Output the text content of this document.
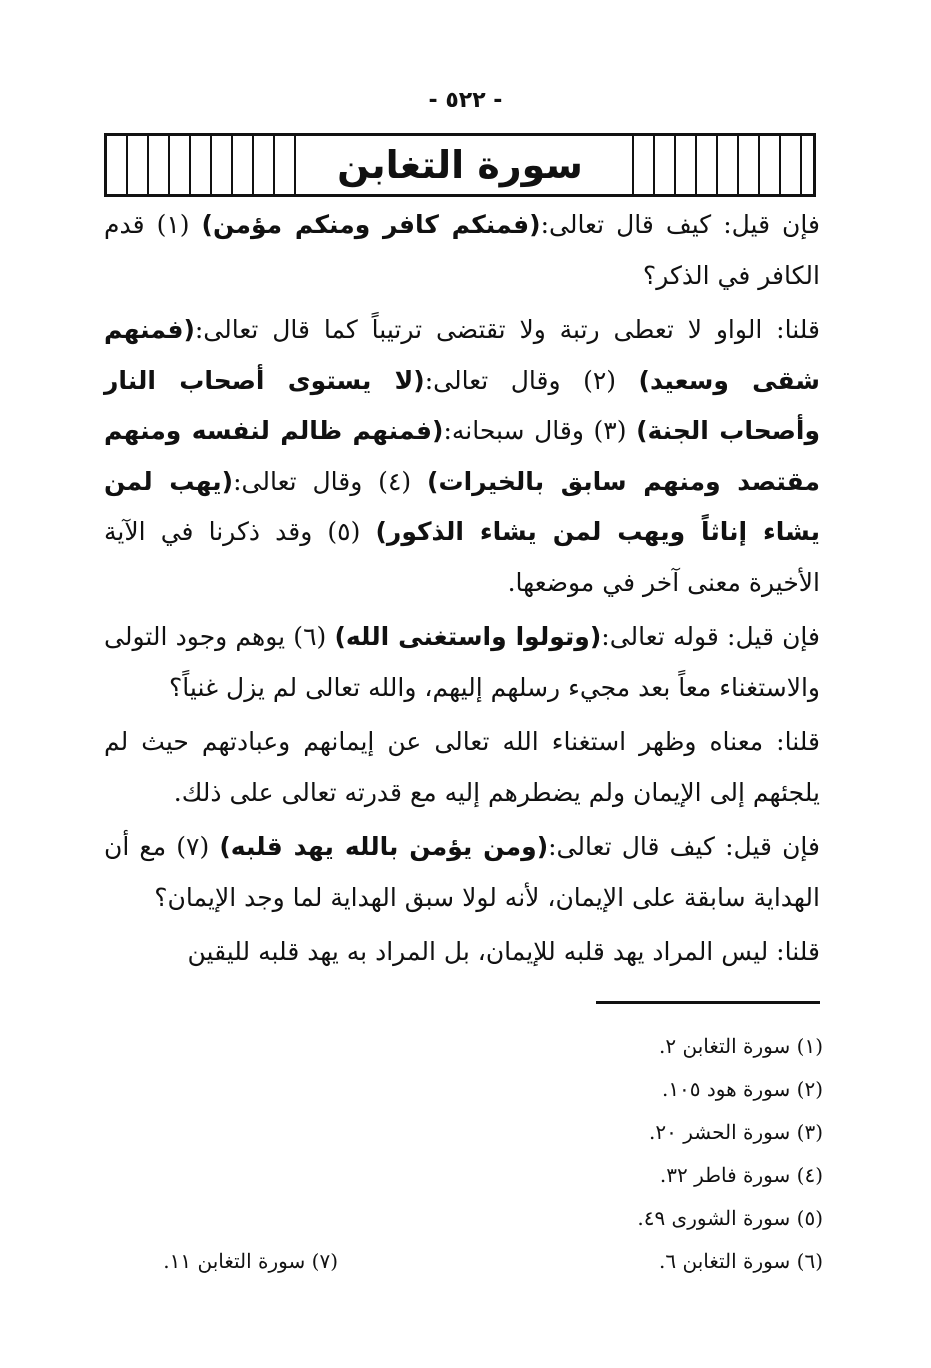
- ٥٢٢ -
سورة التغابن

فإن قيل: كيف قال تعالى:(فمنكم كافر ومنكم مؤمن) (١) قدم الكافر في الذكر؟

قلنا: الواو لا تعطى رتبة ولا تقتضى ترتيباً كما قال تعالى:(فمنهم شقى وسعيد) (٢) وقال تعالى:(لا يستوى أصحاب النار وأصحاب الجنة) (٣) وقال سبحانه:(فمنهم ظالم لنفسه ومنهم مقتصد ومنهم سابق بالخيرات) (٤) وقال تعالى:(يهب لمن يشاء إناثاً ويهب لمن يشاء الذكور) (٥) وقد ذكرنا في الآية الأخيرة معنى آخر في موضعها.

فإن قيل: قوله تعالى:(وتولوا واستغنى الله) (٦) يوهم وجود التولى والاستغناء معاً بعد مجيء رسلهم إليهم، والله تعالى لم يزل غنياً؟

قلنا: معناه وظهر استغناء الله تعالى عن إيمانهم وعبادتهم حيث لم يلجئهم إلى الإيمان ولم يضطرهم إليه مع قدرته تعالى على ذلك.

فإن قيل: كيف قال تعالى:(ومن يؤمن بالله يهد قلبه) (٧) مع أن الهداية سابقة على الإيمان، لأنه لولا سبق الهداية لما وجد الإيمان؟

قلنا: ليس المراد يهد قلبه للإيمان، بل المراد به يهد قلبه لليقين

(١) سورة التغابن ٢.
(٢) سورة هود ١٠٥.
(٣) سورة الحشر ٢٠.
(٤) سورة فاطر ٣٢.
(٥) سورة الشورى ٤٩.
(٦) سورة التغابن ٦.
(٧) سورة التغابن ١١.
